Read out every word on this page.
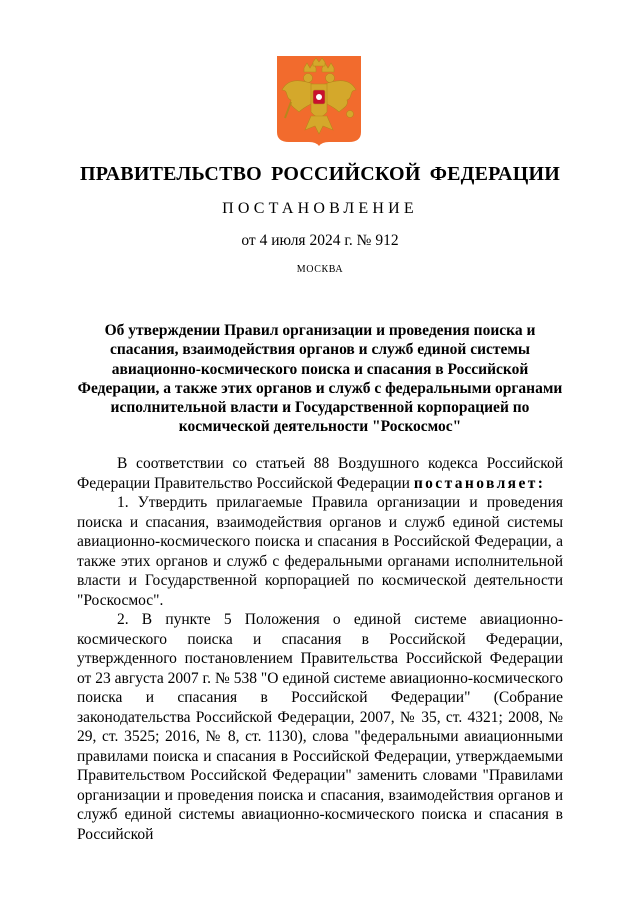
ПРАВИТЕЛЬСТВО РОССИЙСКОЙ ФЕДЕРАЦИИ
ПОСТАНОВЛЕНИЕ
от 4 июля 2024 г. № 912
МОСКВА
Об утверждении Правил организации и проведения поиска и спасания, взаимодействия органов и служб единой системы авиационно-космического поиска и спасания в Российской Федерации, а также этих органов и служб с федеральными органами исполнительной власти и Государственной корпорацией по космической деятельности "Роскосмос"

В соответствии со статьей 88 Воздушного кодекса Российской Федерации Правительство Российской Федерации постановляет:

1. Утвердить прилагаемые Правила организации и проведения поиска и спасания, взаимодействия органов и служб единой системы авиационно-космического поиска и спасания в Российской Федерации, а также этих органов и служб с федеральными органами исполнительной власти и Государственной корпорацией по космической деятельности "Роскосмос".

2. В пункте 5 Положения о единой системе авиационно-космического поиска и спасания в Российской Федерации, утвержденного постановлением Правительства Российской Федерации от 23 августа 2007 г. № 538 "О единой системе авиационно-космического поиска и спасания в Российской Федерации" (Собрание законодательства Российской Федерации, 2007, № 35, ст. 4321; 2008, № 29, ст. 3525; 2016, № 8, ст. 1130), слова "федеральными авиационными правилами поиска и спасания в Российской Федерации, утверждаемыми Правительством Российской Федерации" заменить словами "Правилами организации и проведения поиска и спасания, взаимодействия органов и служб единой системы авиационно-космического поиска и спасания в Российской
